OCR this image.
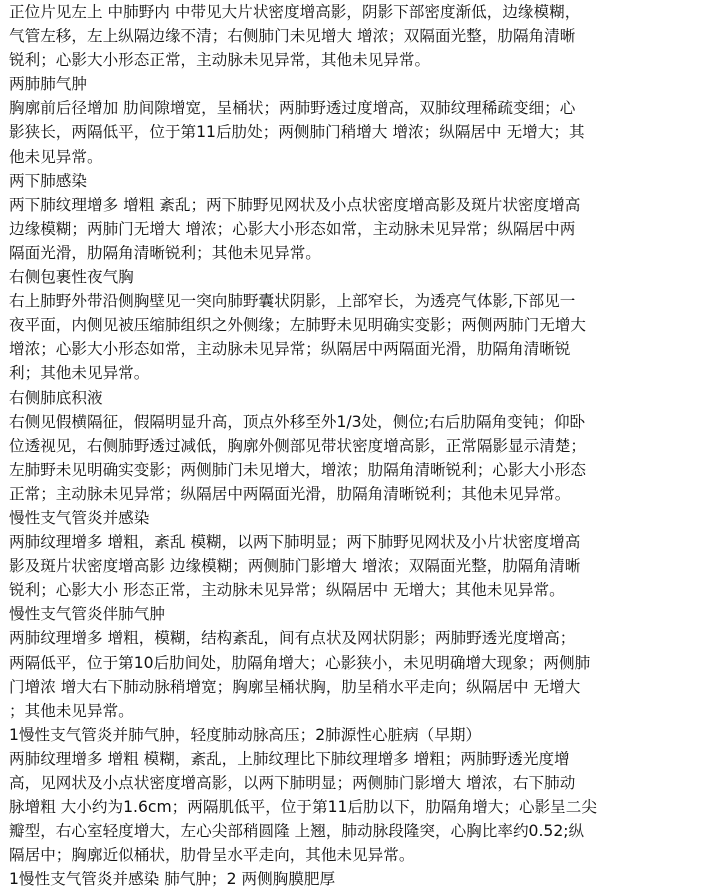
正位片见左上 中肺野内 中带见大片状密度增高影，阴影下部密度渐低，边缘模糊，
气管左移，左上纵隔边缘不清；右侧肺门未见增大 增浓；双隔面光整，肋隔角清晰
锐利；心影大小形态正常，主动脉未见异常，其他未见异常。
两肺肺气肿
胸廓前后径增加 肋间隙增宽，呈桶状；两肺野透过度增高，双肺纹理稀疏变细；心
影狭长，两隔低平，位于第11后肋处；两侧肺门稍增大 增浓；纵隔居中 无增大；其
他未见异常。
两下肺感染
两下肺纹理增多 增粗 紊乱；两下肺野见网状及小点状密度增高影及斑片状密度增高
边缘模糊；两肺门无增大 增浓；心影大小形态如常，主动脉未见异常；纵隔居中两
隔面光滑，肋隔角清晰锐利；其他未见异常。
右侧包裹性夜气胸
右上肺野外带沿侧胸壁见一突向肺野囊状阴影，上部窄长，为透亮气体影,下部见一
夜平面，内侧见被压缩肺组织之外侧缘；左肺野未见明确实变影；两侧两肺门无增大
增浓；心影大小形态如常，主动脉未见异常；纵隔居中两隔面光滑，肋隔角清晰锐
利；其他未见异常。
右侧肺底积液
右侧见假横隔征，假隔明显升高，顶点外移至外1/3处，侧位;右后肋隔角变钝；仰卧
位透视见，右侧肺野透过减低，胸廓外侧部见带状密度增高影，正常隔影显示清楚；
左肺野未见明确实变影；两侧肺门未见增大，增浓；肋隔角清晰锐利；心影大小形态
正常；主动脉未见异常；纵隔居中两隔面光滑，肋隔角清晰锐利；其他未见异常。
慢性支气管炎并感染
两肺纹理增多 增粗，紊乱 模糊，以两下肺明显；两下肺野见网状及小片状密度增高
影及斑片状密度增高影 边缘模糊；两侧肺门影增大 增浓；双隔面光整，肋隔角清晰
锐利；心影大小 形态正常，主动脉未见异常；纵隔居中 无增大；其他未见异常。
慢性支气管炎伴肺气肿
两肺纹理增多 增粗，模糊，结构紊乱，间有点状及网状阴影；两肺野透光度增高；
两隔低平，位于第10后肋间处，肋隔角增大；心影狭小，未见明确增大现象；两侧肺
门增浓 增大右下肺动脉稍增宽；胸廓呈桶状胸，肋呈稍水平走向；纵隔居中 无增大
；其他未见异常。
1慢性支气管炎并肺气肿，轻度肺动脉高压；2肺源性心脏病（早期）
两肺纹理增多 增粗 模糊，紊乱，上肺纹理比下肺纹理增多 增粗；两肺野透光度增
高，见网状及小点状密度增高影，以两下肺明显；两侧肺门影增大 增浓，右下肺动
脉增粗 大小约为1.6cm；两隔肌低平，位于第11后肋以下，肋隔角增大；心影呈二尖
瓣型，右心室轻度增大，左心尖部稍圆隆 上翘，肺动脉段隆突，心胸比率约0.52;纵
隔居中；胸廓近似桶状，肋骨呈水平走向，其他未见异常。
1慢性支气管炎并感染 肺气肿；2 两侧胸膜肥厚
